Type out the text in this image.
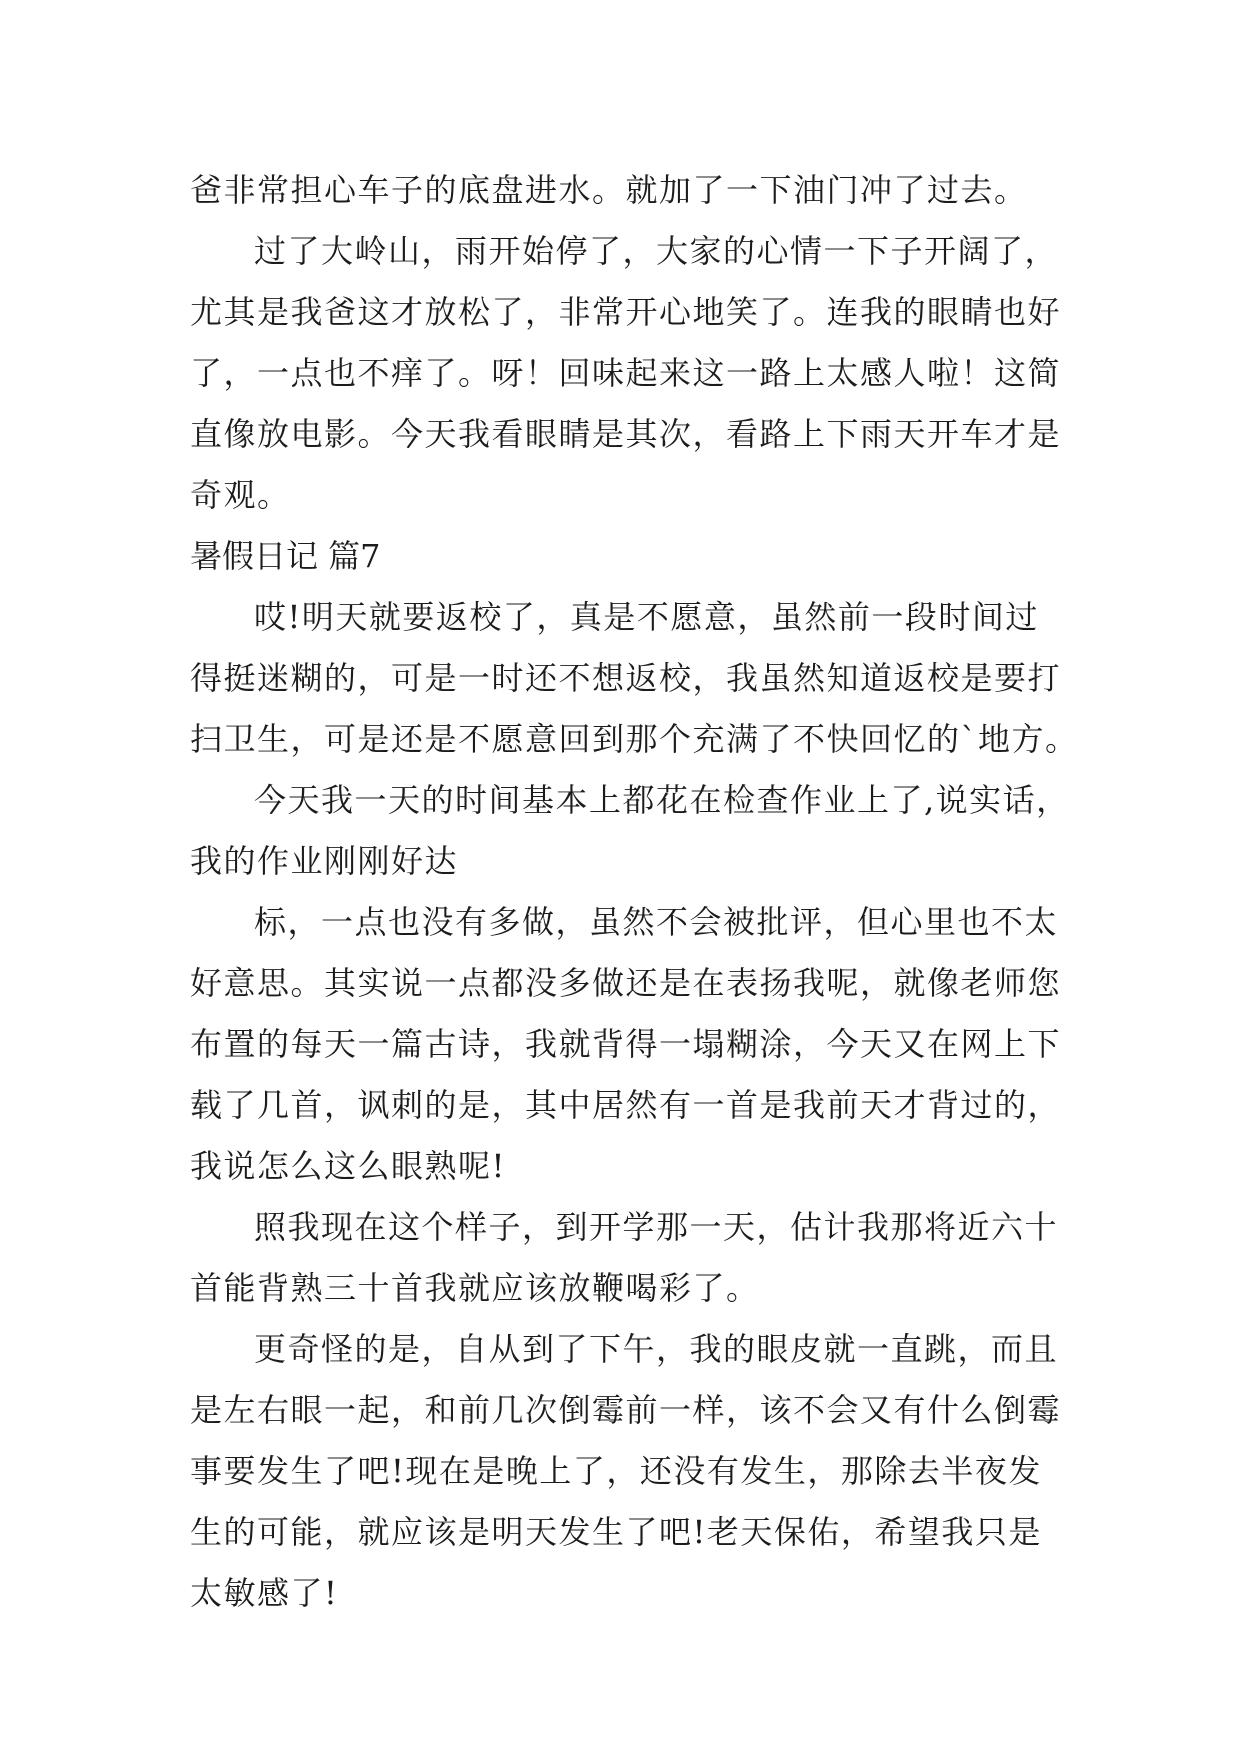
爸非常担心车子的底盘进水。就加了一下油门冲了过去。
过了大岭山，雨开始停了，大家的心情一下子开阔了，
尤其是我爸这才放松了，非常开心地笑了。连我的眼睛也好
了，一点也不痒了。呀！回味起来这一路上太感人啦！这简
直像放电影。今天我看眼睛是其次，看路上下雨天开车才是
奇观。
暑假日记 篇7
哎!明天就要返校了，真是不愿意，虽然前一段时间过
得挺迷糊的，可是一时还不想返校，我虽然知道返校是要打
扫卫生，可是还是不愿意回到那个充满了不快回忆的`地方。
今天我一天的时间基本上都花在检查作业上了,说实话，
我的作业刚刚好达
标，一点也没有多做，虽然不会被批评，但心里也不太
好意思。其实说一点都没多做还是在表扬我呢，就像老师您
布置的每天一篇古诗，我就背得一塌糊涂，今天又在网上下
载了几首，讽刺的是，其中居然有一首是我前天才背过的，
我说怎么这么眼熟呢!
照我现在这个样子，到开学那一天，估计我那将近六十
首能背熟三十首我就应该放鞭喝彩了。
更奇怪的是，自从到了下午，我的眼皮就一直跳，而且
是左右眼一起，和前几次倒霉前一样，该不会又有什么倒霉
事要发生了吧!现在是晚上了，还没有发生，那除去半夜发
生的可能，就应该是明天发生了吧!老天保佑，希望我只是
太敏感了!
